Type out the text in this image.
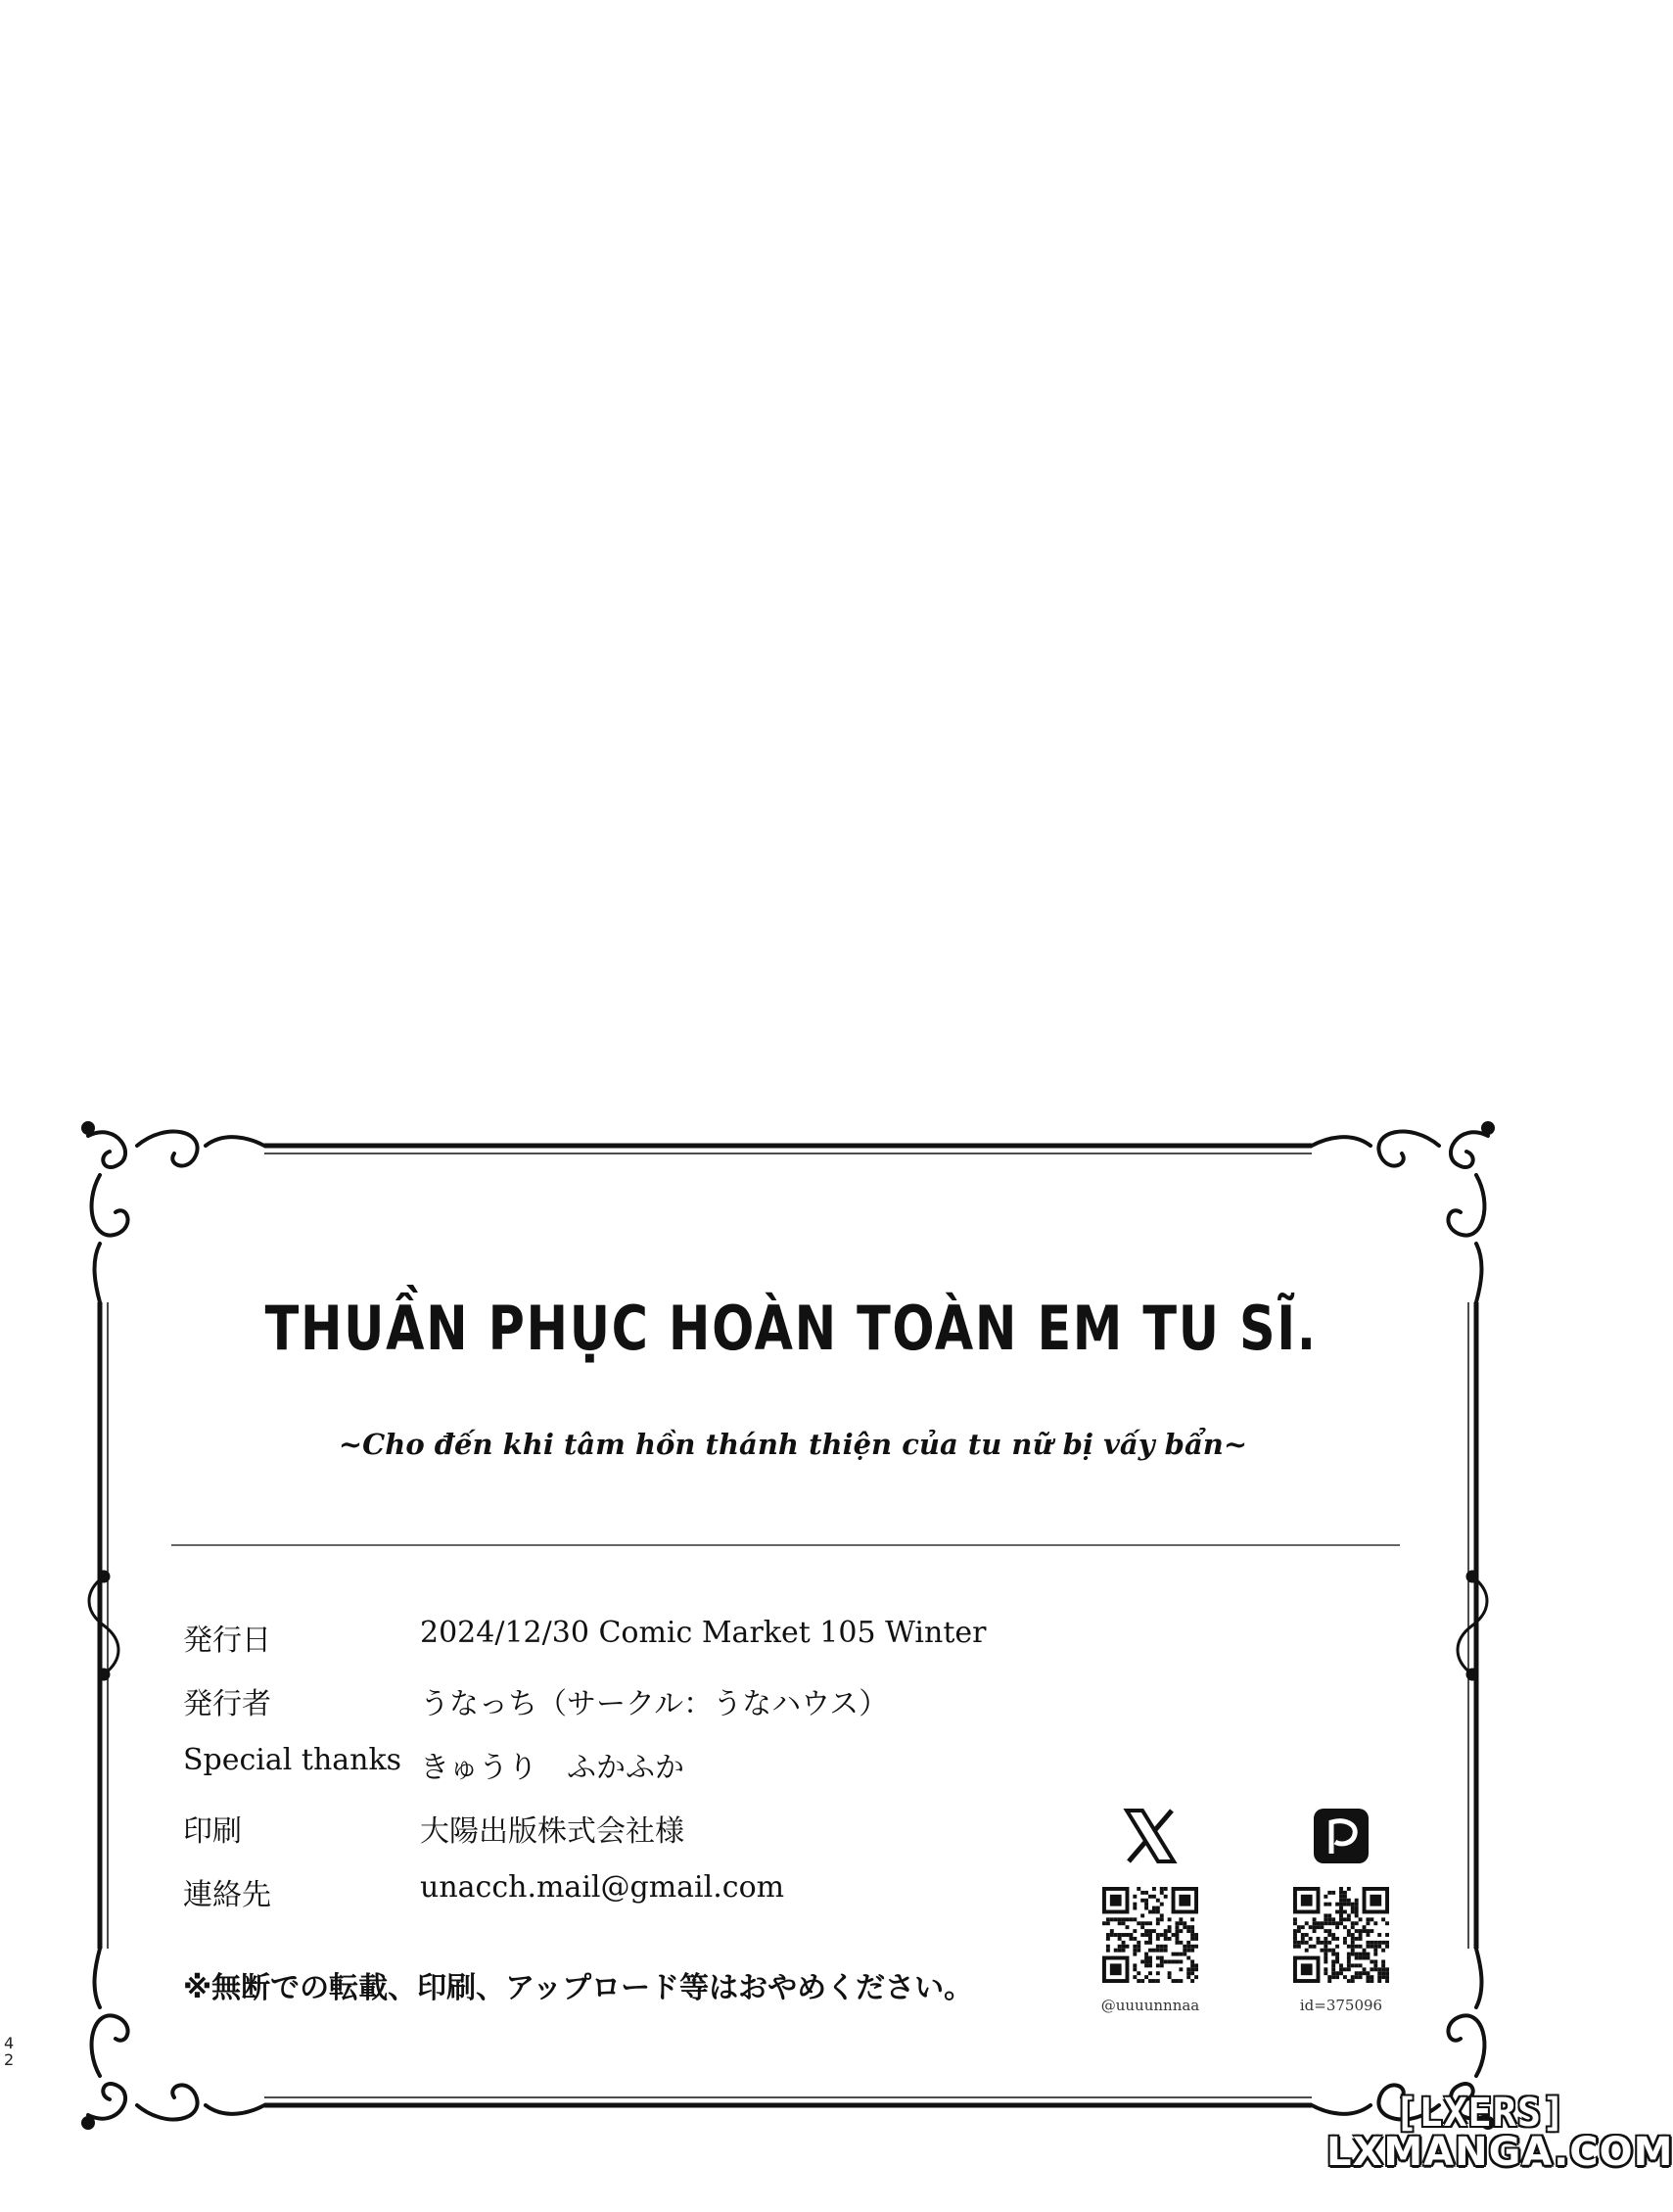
THUẦN PHỤC HOÀN TOÀN EM TU SĨ.
~Cho đến khi tâm hồn thánh thiện của tu nữ bị vấy bẩn~
発行日	2024/12/30 Comic Market 105 Winter
発行者	うなっち（サークル：うなハウス）
Special thanks きゅうり　ふかふか
印刷	大陽出版株式会社様
連絡先	unacch.mail@gmail.com
※無断での転載、印刷、アップロード等はおやめください。	@uuuunnnaa	id=375096
4
2
[LXERS]
LXMANGA.COM
